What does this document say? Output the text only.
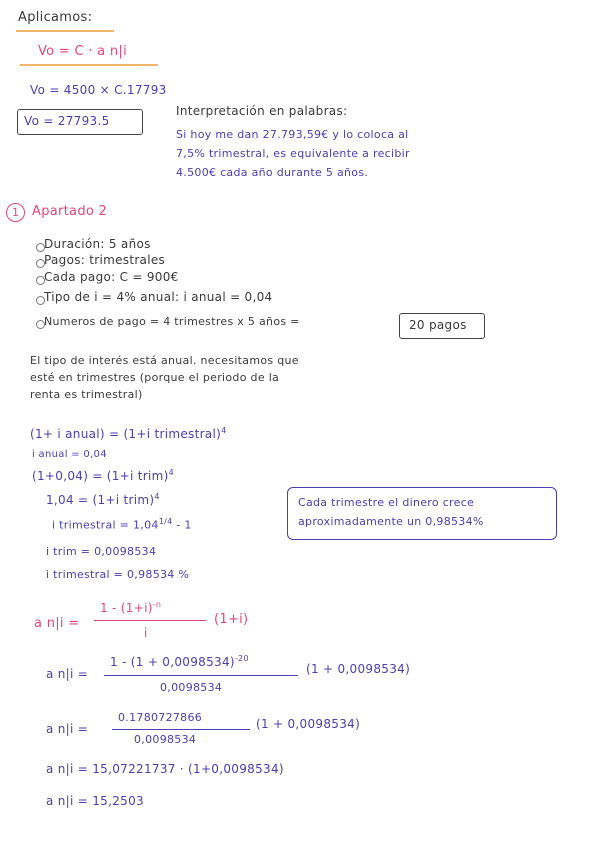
Aplicamos:
Vo = C · a n|i
Vo = 4500 × C.17793
Vo = 27793.5
Interpretación en palabras:
Si hoy me dan 27.793,59€ y lo coloca al
7,5% trimestral, es equivalente a recibir
4.500€ cada año durante 5 años.
1	Apartado 2
Duración: 5 años
Pagos: trimestrales
Cada pago: C = 900€
Tipo de i = 4% anual: i anual = 0,04
Numeros de pago = 4 trimestres x 5 años =	20 pagos
El tipo de interés está anual. necesitamos que
esté en trimestres (porque el periodo de la
renta es trimestral)
(1+ i anual) = (1+i trimestral)$^4$
i anual = 0,04
(1+0,04) = (1+i trim)$^4$
1,04 = (1+i trim)$^4$
i trimestral = $1,04^{1/4} - 1$
i trim = 0,0098534
i trimestral = 0,98534 %
Cada trimestre el dinero crece
aproximadamente un 0,98534%
a n|i =
$1 - (1+i)^{-n}$
i
(1+i)
a n|i =
$1 - (1 + 0,0098534)^{-20}$
0,0098534
(1 + 0,0098534)
a n|i =
0.1780727866
0,0098534
(1 + 0,0098534)
a n|i = 15,07221737 · (1+0,0098534)
a n|i = 15,2503
